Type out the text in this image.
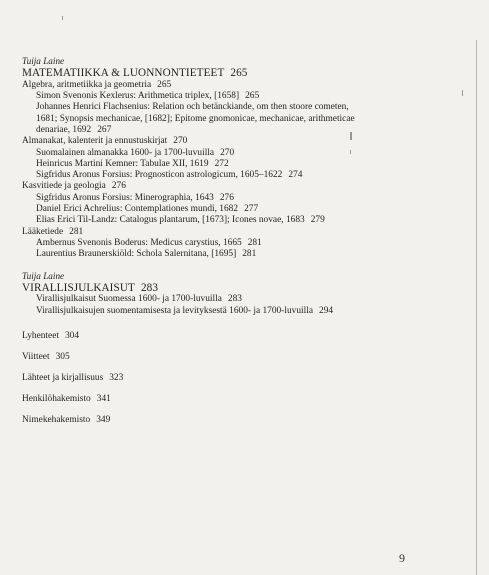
Tuija Laine
MATEMATIIKKA & LUONNONTIETEET 265
Algebra, aritmetiikka ja geometria 265
Simon Svenonis Kexlerus: Arithmetica triplex, [1658] 265
Johannes Henrici Flachsenius: Relation och betänckiande, om then stoore cometen,
1681; Synopsis mechanicae, [1682]; Epitome gnomonicae, mechanicae, arithmeticae
denariae, 1692 267
Almanakat, kalenterit ja ennustuskirjat 270
Suomalainen almanakka 1600- ja 1700-luvuilla 270
Heinricus Martini Kemner: Tabulae XII, 1619 272
Sigfridus Aronus Forsius: Prognosticon astrologicum, 1605–1622 274
Kasvitiede ja geologia 276
Sigfridus Aronus Forsius: Minerographia, 1643 276
Daniel Erici Achrelius: Contemplationes mundi, 1682 277
Elias Erici Til-Landz: Catalogus plantarum, [1673]; Icones novae, 1683 279
Lääketiede 281
Ambernus Svenonis Boderus: Medicus carystius, 1665 281
Laurentius Braunerskiöld: Schola Salernitana, [1695] 281
Tuija Laine
VIRALLISJULKAISUT 283
Virallisjulkaisut Suomessa 1600- ja 1700-luvuilla 283
Virallisjulkaisujen suomentamisesta ja levityksestä 1600- ja 1700-luvuilla 294
Lyhenteet 304
Viitteet 305
Lähteet ja kirjallisuus 323
Henkilöhakemisto 341
Nimekehakemisto 349
9
